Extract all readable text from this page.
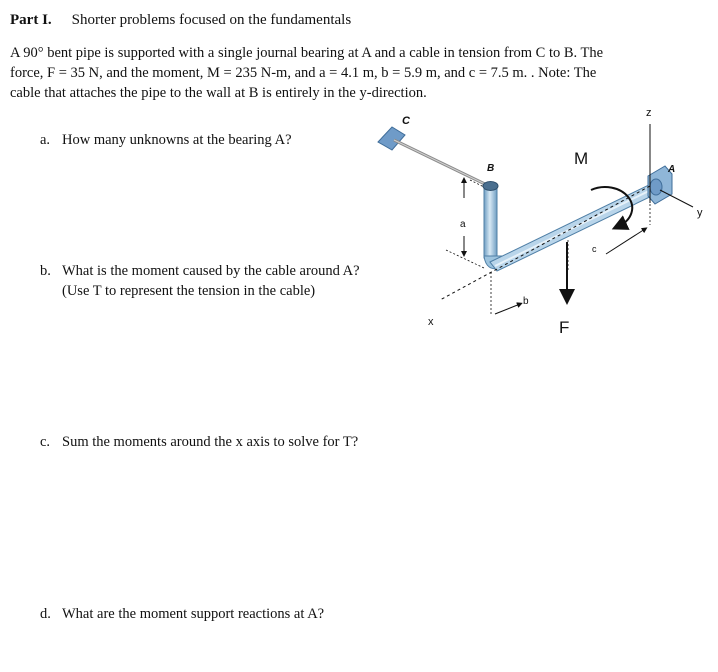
Part I. Shorter problems focused on the fundamentals

A 90° bent pipe is supported with a single journal bearing at A and a cable in tension from C to B. The

force, F = 35 N, and the moment, M = 235 N-m, and a = 4.1 m, b = 5.9 m, and c = 7.5 m. . Note: The

cable that attaches the pipe to the wall at B is entirely in the y-direction.

a. How many unknowns at the bearing A?
b. What is the moment caused by the cable around A?
(Use T to represent the tension in the cable)
c. Sum the moments around the x axis to solve for T?
d. What are the moment support reactions at A?
z
y
x
C
B	A
M
a
b
c
F
